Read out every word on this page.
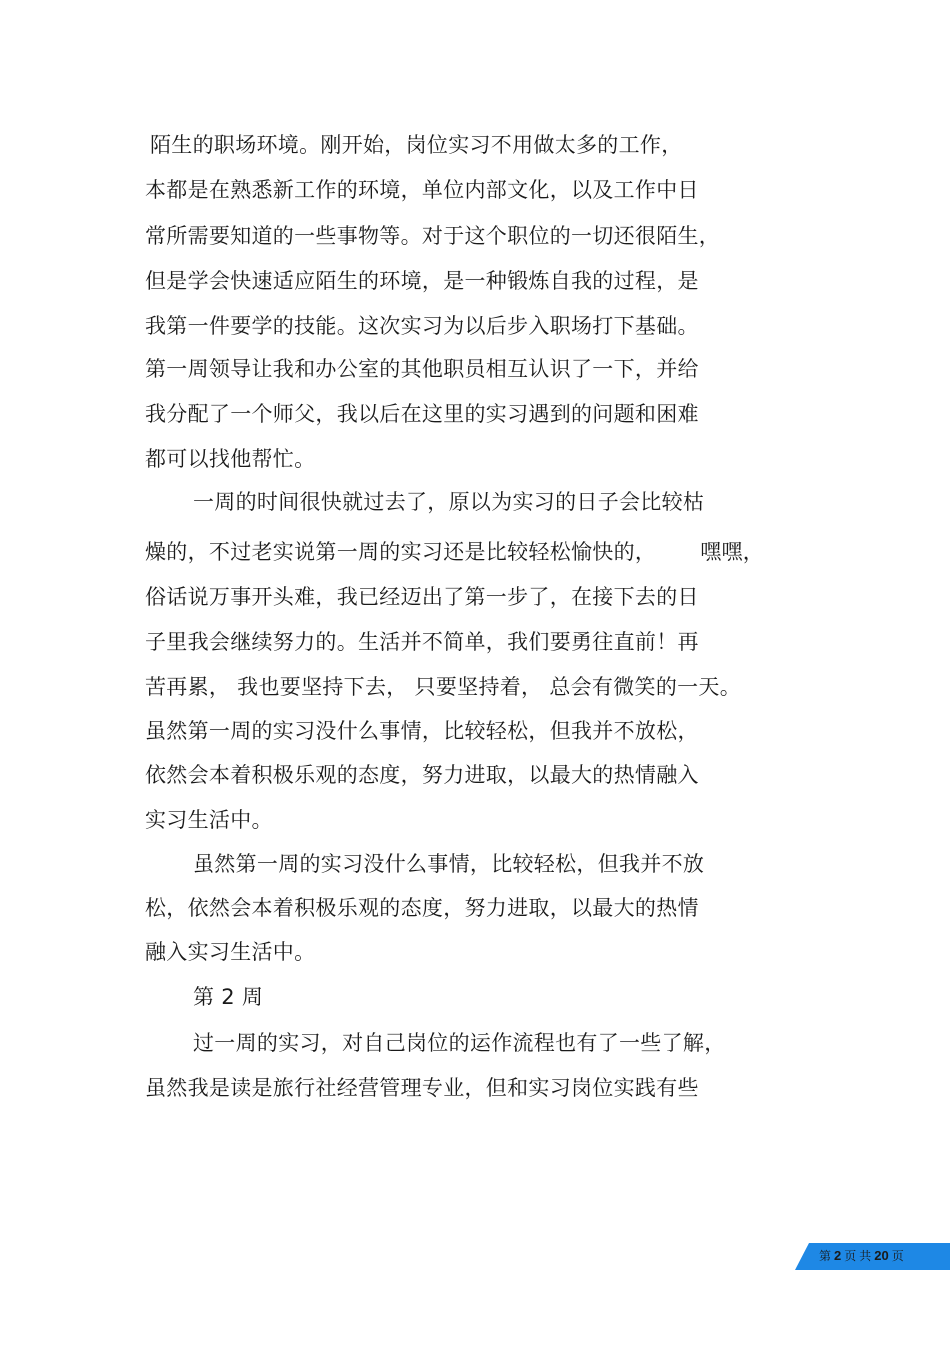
陌生的职场环境。刚开始，岗位实习不用做太多的工作，
本都是在熟悉新工作的环境，单位内部文化，以及工作中日
常所需要知道的一些事物等。对于这个职位的一切还很陌生，
但是学会快速适应陌生的环境，是一种锻炼自我的过程，是
我第一件要学的技能。这次实习为以后步入职场打下基础。
第一周领导让我和办公室的其他职员相互认识了一下，并给
我分配了一个师父，我以后在这里的实习遇到的问题和困难
都可以找他帮忙。
一周的时间很快就过去了，原以为实习的日子会比较枯
燥的，不过老实说第一周的实习还是比较轻松愉快的， 嘿嘿，
俗话说万事开头难，我已经迈出了第一步了，在接下去的日
子里我会继续努力的。生活并不简单，我们要勇往直前！再
苦再累， 我也要坚持下去， 只要坚持着， 总会有微笑的一天。
虽然第一周的实习没什么事情，比较轻松，但我并不放松，
依然会本着积极乐观的态度，努力进取，以最大的热情融入
实习生活中。
虽然第一周的实习没什么事情，比较轻松，但我并不放
松，依然会本着积极乐观的态度，努力进取，以最大的热情
融入实习生活中。
第 2 周
过一周的实习，对自己岗位的运作流程也有了一些了解，
虽然我是读是旅行社经营管理专业，但和实习岗位实践有些
第 2 页 共 20 页
